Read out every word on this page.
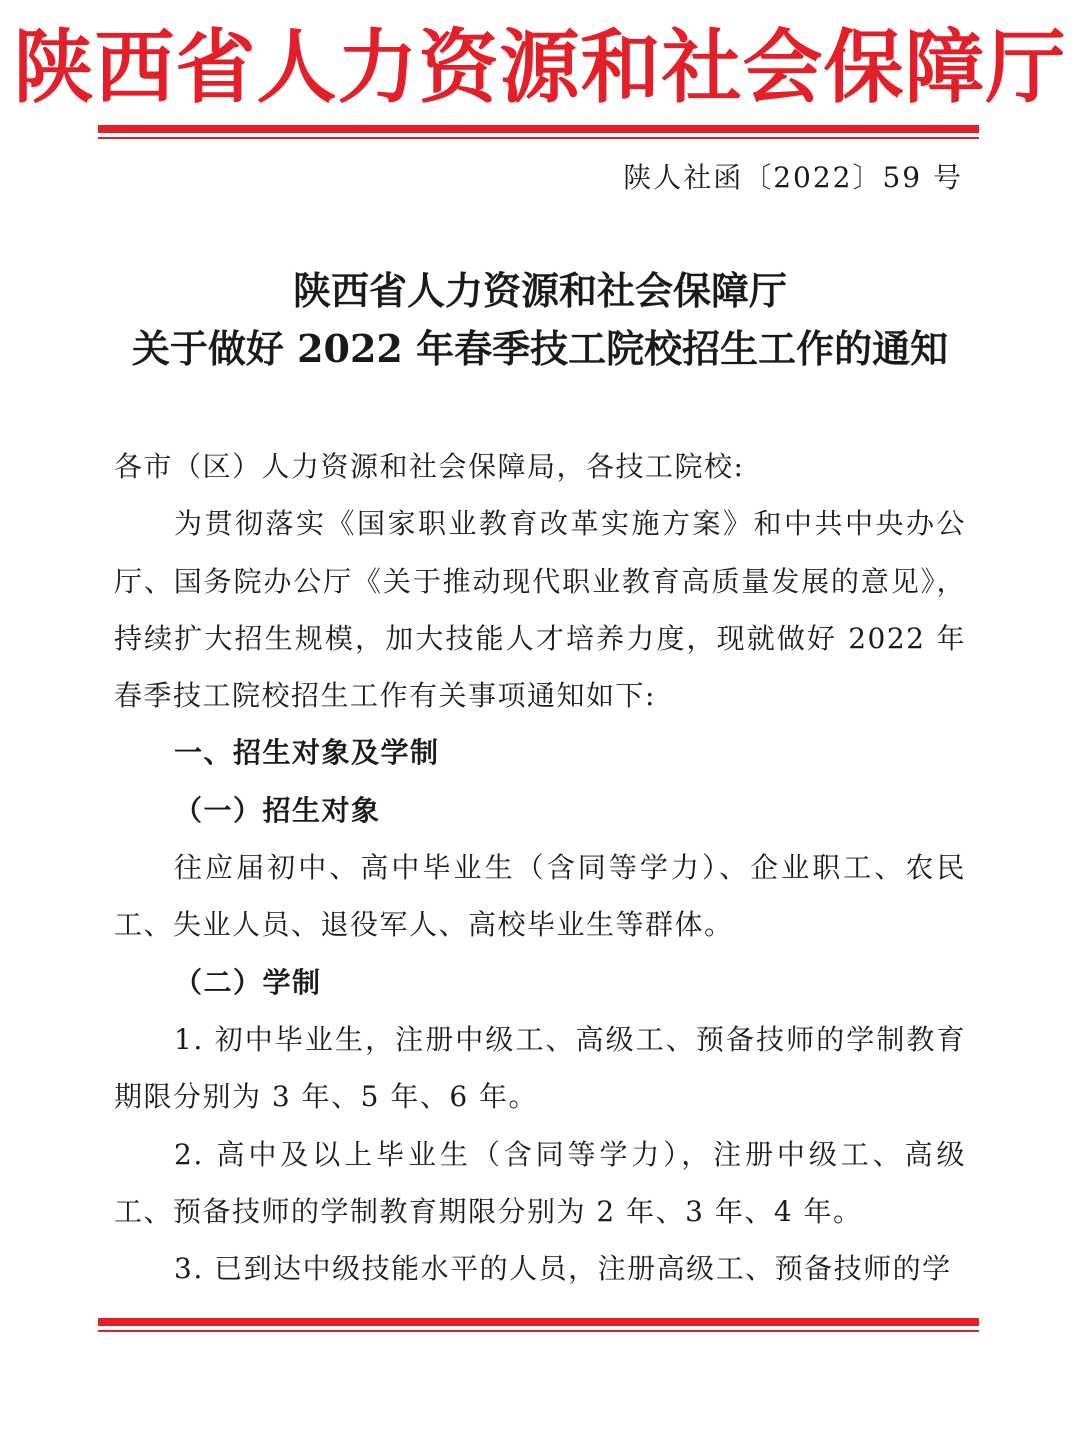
陕西省人力资源和社会保障厅
陕人社函〔2022〕59 号
陕西省人力资源和社会保障厅
关于做好 2022 年春季技工院校招生工作的通知

各市（区）人力资源和社会保障局，各技工院校:

为贯彻落实《国家职业教育改革实施方案》和中共中央办公厅、国务院办公厅《关于推动现代职业教育高质量发展的意见》，持续扩大招生规模，加大技能人才培养力度，现就做好 2022 年春季技工院校招生工作有关事项通知如下:

一、招生对象及学制

（一）招生对象

往应届初中、高中毕业生（含同等学力）、企业职工、农民工、失业人员、退役军人、高校毕业生等群体。

（二）学制

1. 初中毕业生，注册中级工、高级工、预备技师的学制教育期限分别为 3 年、5 年、6 年。

2. 高中及以上毕业生（含同等学力），注册中级工、高级工、预备技师的学制教育期限分别为 2 年、3 年、4 年。

3. 已到达中级技能水平的人员，注册高级工、预备技师的学
